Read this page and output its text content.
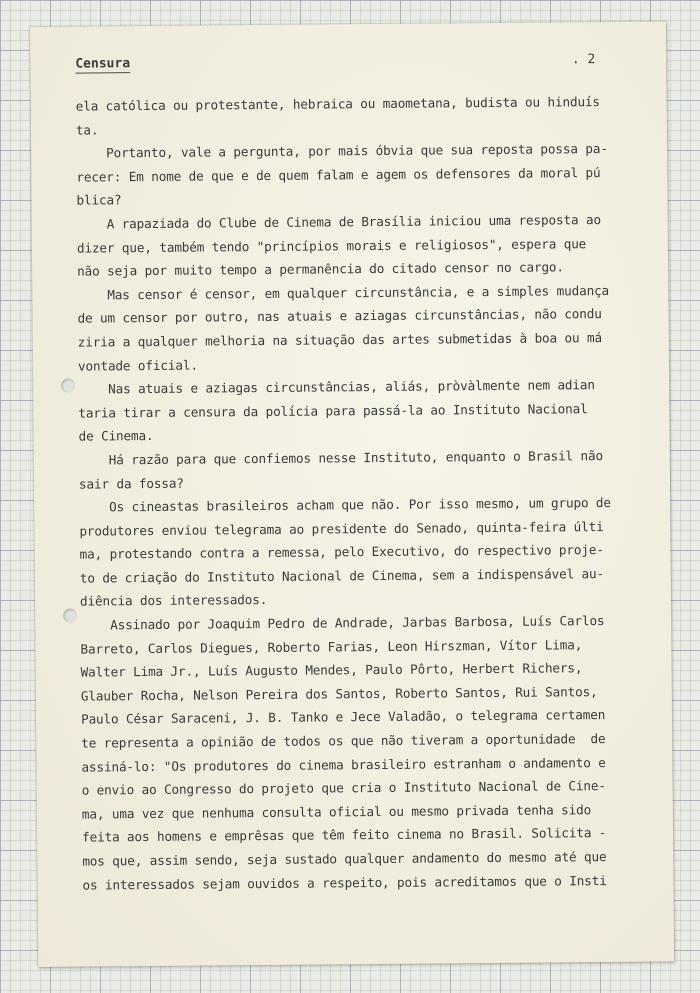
Censura	. 2
ela católica ou protestante, hebraica ou maometana, budista ou hinduís
ta.
Portanto, vale a pergunta, por mais óbvia que sua reposta possa pa-
recer: Em nome de que e de quem falam e agem os defensores da moral pú
blica?
A rapaziada do Clube de Cinema de Brasília iniciou uma resposta ao
dizer que, também tendo "princípios morais e religiosos", espera que
não seja por muito tempo a permanência do citado censor no cargo.
Mas censor é censor, em qualquer circunstância, e a simples mudança
de um censor por outro, nas atuais e aziagas circunstâncias, não condu
ziria a qualquer melhoria na situação das artes submetidas à boa ou má
vontade oficial.
Nas atuais e aziagas circunstâncias, aliás, pròvàlmente nem adian
taria tirar a censura da polícia para passá-la ao Instituto Nacional
de Cinema.
Há razão para que confiemos nesse Instituto, enquanto o Brasil não
sair da fossa?
Os cineastas brasileiros acham que não. Por isso mesmo, um grupo de
produtores enviou telegrama ao presidente do Senado, quinta-feira últi
ma, protestando contra a remessa, pelo Executivo, do respectivo proje-
to de criação do Instituto Nacional de Cinema, sem a indispensável au-
diência dos interessados.
Assinado por Joaquim Pedro de Andrade, Jarbas Barbosa, Luís Carlos
Barreto, Carlos Diegues, Roberto Farias, Leon Hirszman, Vítor Lima,
Walter Lima Jr., Luís Augusto Mendes, Paulo Pôrto, Herbert Richers,
Glauber Rocha, Nelson Pereira dos Santos, Roberto Santos, Rui Santos,
Paulo César Saraceni, J. B. Tanko e Jece Valadão, o telegrama certamen
te representa a opinião de todos os que não tiveram a oportunidade  de
assiná-lo: "Os produtores do cinema brasileiro estranham o andamento e
o envio ao Congresso do projeto que cria o Instituto Nacional de Cine-
ma, uma vez que nenhuma consulta oficial ou mesmo privada tenha sido
feita aos homens e emprêsas que têm feito cinema no Brasil. Solicita -
mos que, assim sendo, seja sustado qualquer andamento do mesmo até que
os interessados sejam ouvidos a respeito, pois acreditamos que o Insti
